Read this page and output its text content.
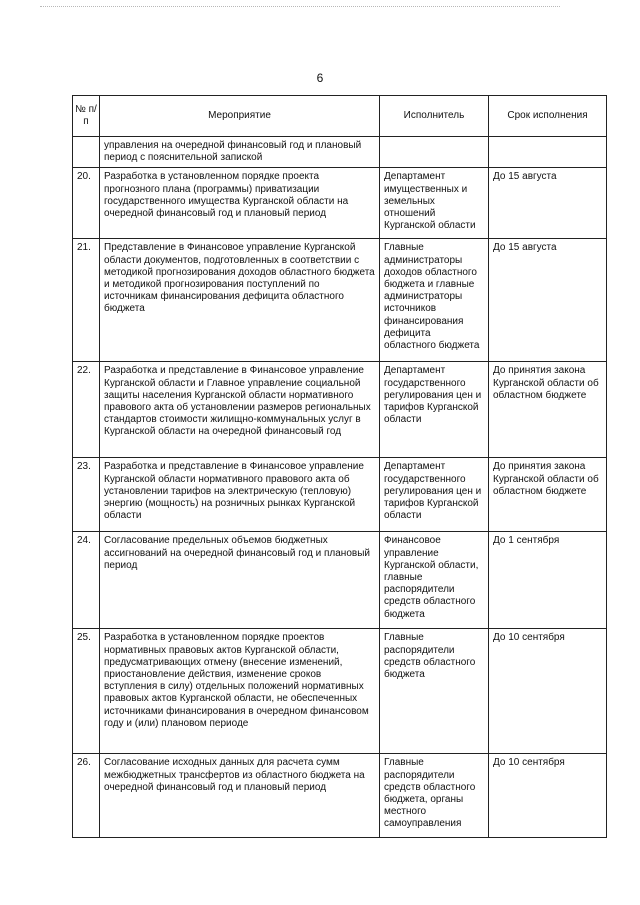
6
№ п/п	Мероприятие	Исполнитель	Срок исполнения
	управления на очередной финансовый год и плановый период с пояснительной запиской		
20.	Разработка в установленном порядке проекта прогнозного плана (программы) приватизации государственного имущества Курганской области на очередной финансовый год и плановый период	Департамент имущественных и земельных отношений Курганской области	До 15 августа
21.	Представление в Финансовое управление Курганской области документов, подготовленных в соответствии с методикой прогнозирования доходов областного бюджета и методикой прогнозирования поступлений по источникам финансирования дефицита областного бюджета	Главные администраторы доходов областного бюджета и главные администраторы источников финансирования дефицита областного бюджета	До 15 августа
22.	Разработка и представление в Финансовое управление Курганской области и Главное управление социальной защиты населения Курганской области нормативного правового акта об установлении размеров региональных стандартов стоимости жилищно-коммунальных услуг в Курганской области на очередной финансовый год	Департамент государственного регулирования цен и тарифов Курганской области	До принятия закона Курганской области об областном бюджете
23.	Разработка и представление в Финансовое управление Курганской области нормативного правового акта об установлении тарифов на электрическую (тепловую) энергию (мощность) на розничных рынках Курганской области	Департамент государственного регулирования цен и тарифов Курганской области	До принятия закона Курганской области об областном бюджете
24.	Согласование предельных объемов бюджетных ассигнований на очередной финансовый год и плановый период	Финансовое управление Курганской области, главные распорядители средств областного бюджета	До 1 сентября
25.	Разработка в установленном порядке проектов нормативных правовых актов Курганской области, предусматривающих отмену (внесение изменений, приостановление действия, изменение сроков вступления в силу) отдельных положений нормативных правовых актов Курганской области, не обеспеченных источниками финансирования в очередном финансовом году и (или) плановом периоде	Главные распорядители средств областного бюджета	До 10 сентября
26.	Согласование исходных данных для расчета сумм межбюджетных трансфертов из областного бюджета на очередной финансовый год и плановый период	Главные распорядители средств областного бюджета, органы местного самоуправления	До 10 сентября
